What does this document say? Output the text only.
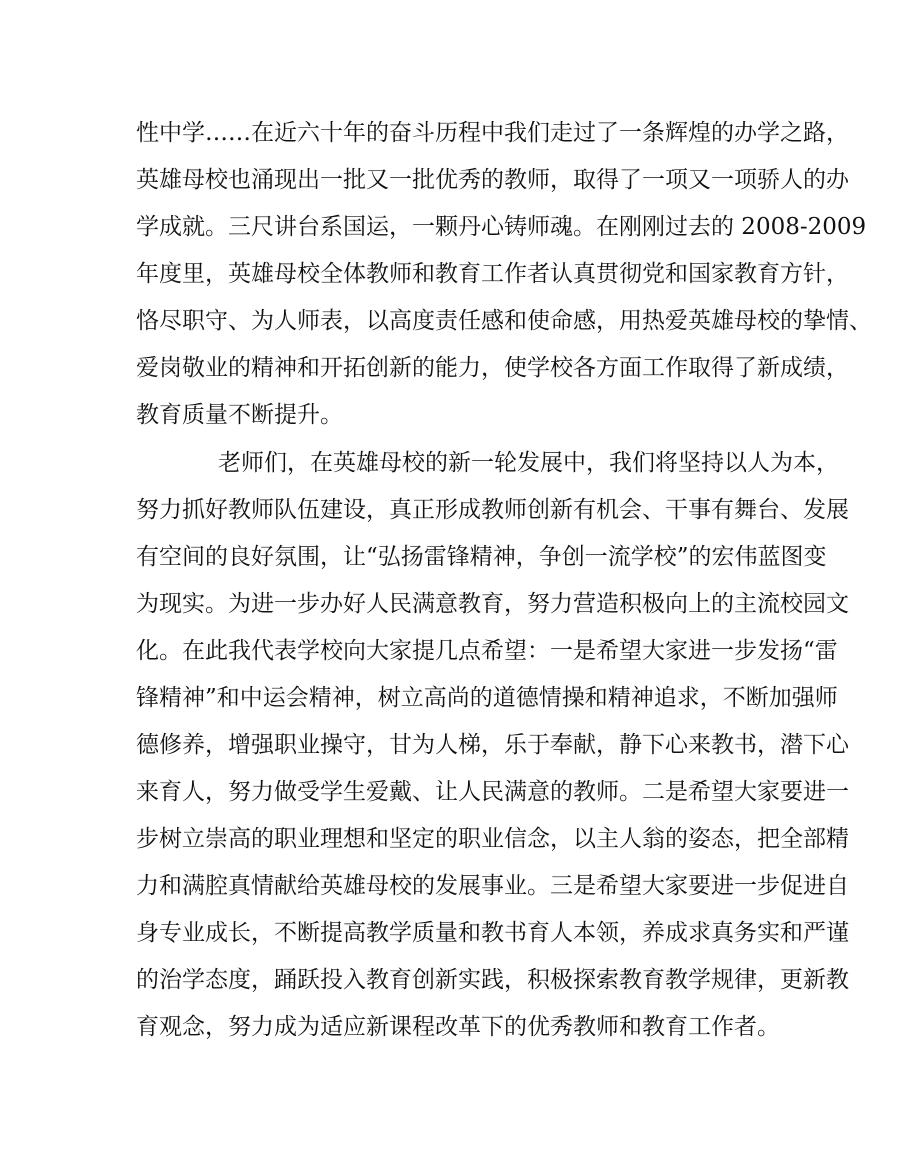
性中学……在近六十年的奋斗历程中我们走过了一条辉煌的办学之路，
英雄母校也涌现出一批又一批优秀的教师，取得了一项又一项骄人的办
学成就。三尺讲台系国运，一颗丹心铸师魂。在刚刚过去的 2008-2009
年度里，英雄母校全体教师和教育工作者认真贯彻党和国家教育方针，
恪尽职守、为人师表，以高度责任感和使命感，用热爱英雄母校的挚情、
爱岗敬业的精神和开拓创新的能力，使学校各方面工作取得了新成绩，
教育质量不断提升。
老师们，在英雄母校的新一轮发展中，我们将坚持以人为本，
努力抓好教师队伍建设，真正形成教师创新有机会、干事有舞台、发展
有空间的良好氛围，让“弘扬雷锋精神，争创一流学校”的宏伟蓝图变
为现实。为进一步办好人民满意教育，努力营造积极向上的主流校园文
化。在此我代表学校向大家提几点希望：一是希望大家进一步发扬“雷
锋精神”和中运会精神，树立高尚的道德情操和精神追求，不断加强师
德修养，增强职业操守，甘为人梯，乐于奉献，静下心来教书，潜下心
来育人，努力做受学生爱戴、让人民满意的教师。二是希望大家要进一
步树立崇高的职业理想和坚定的职业信念，以主人翁的姿态，把全部精
力和满腔真情献给英雄母校的发展事业。三是希望大家要进一步促进自
身专业成长，不断提高教学质量和教书育人本领，养成求真务实和严谨
的治学态度，踊跃投入教育创新实践，积极探索教育教学规律，更新教
育观念，努力成为适应新课程改革下的优秀教师和教育工作者。
